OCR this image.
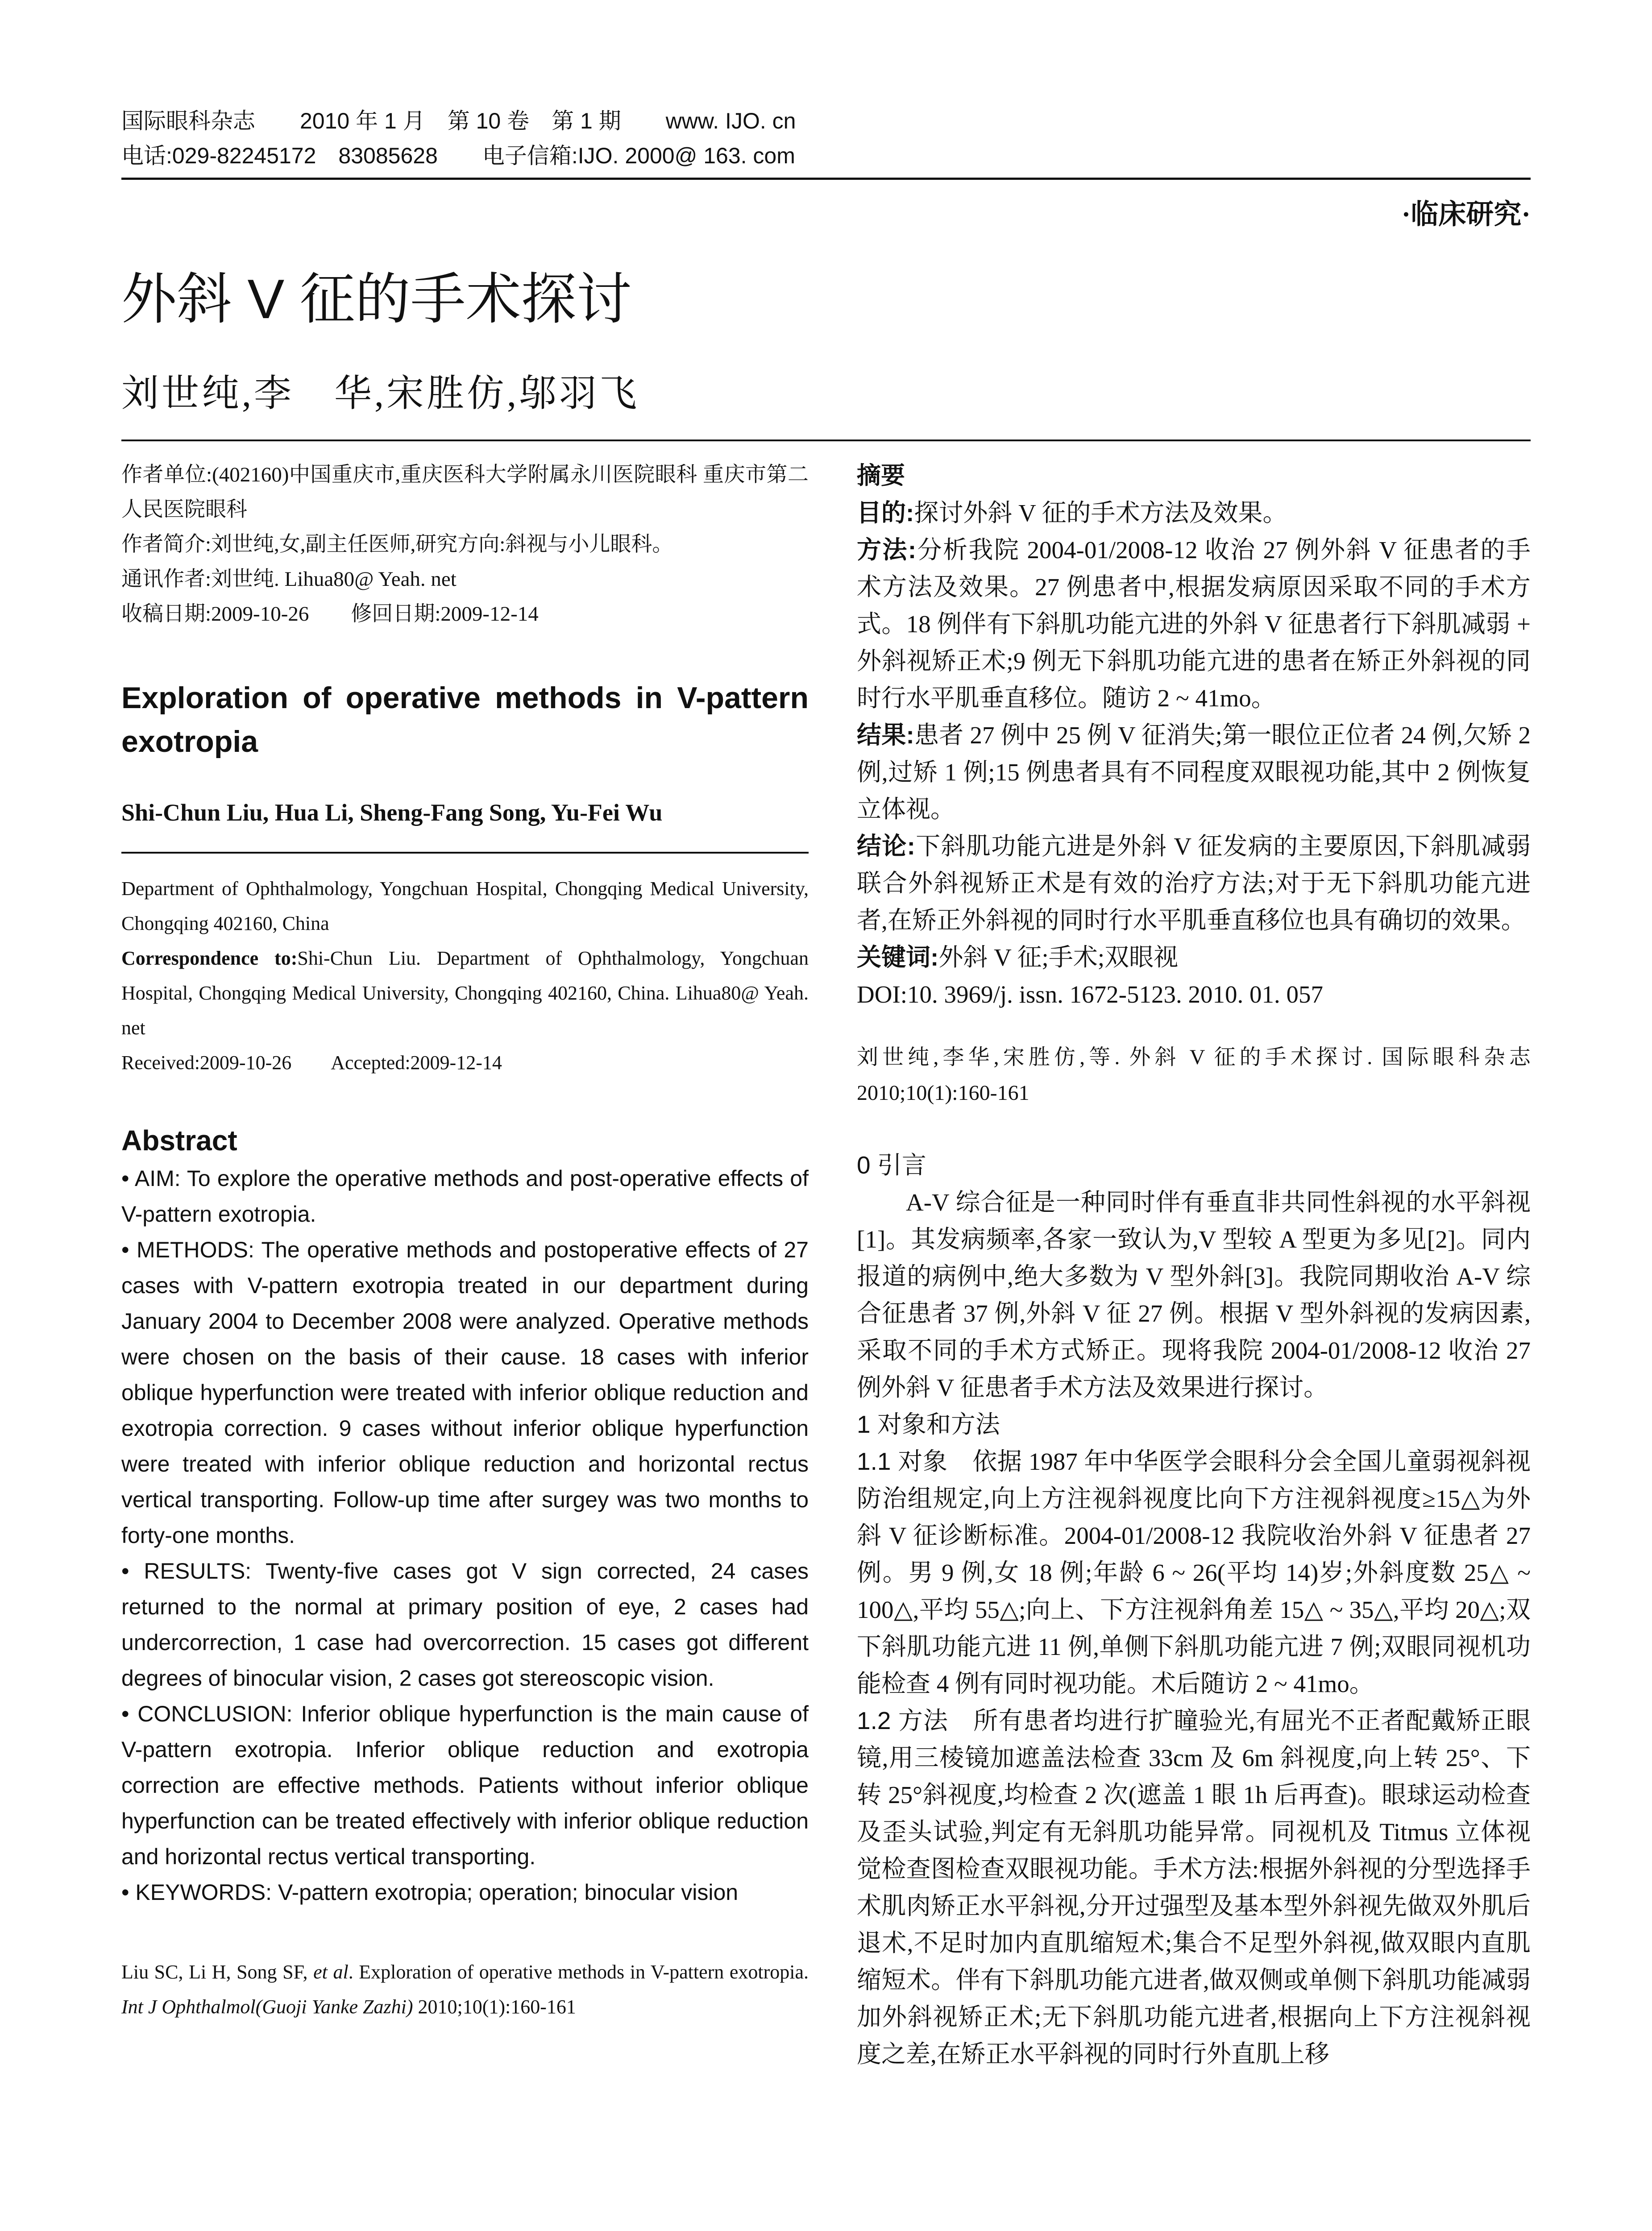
国际眼科杂志　　2010 年 1 月　第 10 卷　第 1 期　　www. IJO. cn
电话:029-82245172　83085628　　电子信箱:IJO. 2000@ 163. com
·临床研究·
外斜 V 征的手术探讨
刘世纯,李　华,宋胜仿,邬羽飞

作者单位:(402160)中国重庆市,重庆医科大学附属永川医院眼科 重庆市第二人民医院眼科

作者简介:刘世纯,女,副主任医师,研究方向:斜视与小儿眼科。

通讯作者:刘世纯. Lihua80@ Yeah. net

收稿日期:2009-10-26　　修回日期:2009-12-14

Exploration of operative methods in V-pattern exotropia
Shi-Chun Liu, Hua Li, Sheng-Fang Song, Yu-Fei Wu

Department of Ophthalmology, Yongchuan Hospital, Chongqing Medical University, Chongqing 402160, China

Correspondence to:Shi-Chun Liu. Department of Ophthalmology, Yongchuan Hospital, Chongqing Medical University, Chongqing 402160, China. Lihua80@ Yeah. net

Received:2009-10-26　　Accepted:2009-12-14

Abstract

• AIM: To explore the operative methods and post-operative effects of V-pattern exotropia.

• METHODS: The operative methods and postoperative effects of 27 cases with V-pattern exotropia treated in our department during January 2004 to December 2008 were analyzed. Operative methods were chosen on the basis of their cause. 18 cases with inferior oblique hyperfunction were treated with inferior oblique reduction and exotropia correction. 9 cases without inferior oblique hyperfunction were treated with inferior oblique reduction and horizontal rectus vertical transporting. Follow-up time after surgey was two months to forty-one months.

• RESULTS: Twenty-five cases got V sign corrected, 24 cases returned to the normal at primary position of eye, 2 cases had undercorrection, 1 case had overcorrection. 15 cases got different degrees of binocular vision, 2 cases got stereoscopic vision.

• CONCLUSION: Inferior oblique hyperfunction is the main cause of V-pattern exotropia. Inferior oblique reduction and exotropia correction are effective methods. Patients without inferior oblique hyperfunction can be treated effectively with inferior oblique reduction and horizontal rectus vertical transporting.

• KEYWORDS: V-pattern exotropia; operation; binocular vision

Liu SC, Li H, Song SF, et al. Exploration of operative methods in V-pattern exotropia. Int J Ophthalmol(Guoji Yanke Zazhi) 2010;10(1):160-161

摘要

目的:探讨外斜 V 征的手术方法及效果。

方法:分析我院 2004-01/2008-12 收治 27 例外斜 V 征患者的手术方法及效果。27 例患者中,根据发病原因采取不同的手术方式。18 例伴有下斜肌功能亢进的外斜 V 征患者行下斜肌减弱 + 外斜视矫正术;9 例无下斜肌功能亢进的患者在矫正外斜视的同时行水平肌垂直移位。随访 2 ~ 41mo。

结果:患者 27 例中 25 例 V 征消失;第一眼位正位者 24 例,欠矫 2 例,过矫 1 例;15 例患者具有不同程度双眼视功能,其中 2 例恢复立体视。

结论:下斜肌功能亢进是外斜 V 征发病的主要原因,下斜肌减弱联合外斜视矫正术是有效的治疗方法;对于无下斜肌功能亢进者,在矫正外斜视的同时行水平肌垂直移位也具有确切的效果。

关键词:外斜 V 征;手术;双眼视

DOI:10. 3969/j. issn. 1672-5123. 2010. 01. 057

刘世纯,李华,宋胜仿,等. 外斜 V 征的手术探讨. 国际眼科杂志 2010;10(1):160-161

0 引言

A-V 综合征是一种同时伴有垂直非共同性斜视的水平斜视[1]。其发病频率,各家一致认为,V 型较 A 型更为多见[2]。同内报道的病例中,绝大多数为 V 型外斜[3]。我院同期收治 A-V 综合征患者 37 例,外斜 V 征 27 例。根据 V 型外斜视的发病因素,采取不同的手术方式矫正。现将我院 2004-01/2008-12 收治 27 例外斜 V 征患者手术方法及效果进行探讨。

1 对象和方法

1.1 对象　 依据 1987 年中华医学会眼科分会全国儿童弱视斜视防治组规定,向上方注视斜视度比向下方注视斜视度≥15△为外斜 V 征诊断标准。2004-01/2008-12 我院收治外斜 V 征患者 27 例。男 9 例,女 18 例;年龄 6 ~ 26(平均 14)岁;外斜度数 25△ ~ 100△,平均 55△;向上、下方注视斜角差 15△ ~ 35△,平均 20△;双下斜肌功能亢进 11 例,单侧下斜肌功能亢进 7 例;双眼同视机功能检查 4 例有同时视功能。术后随访 2 ~ 41mo。

1.2 方法　 所有患者均进行扩瞳验光,有屈光不正者配戴矫正眼镜,用三棱镜加遮盖法检查 33cm 及 6m 斜视度,向上转 25°、下转 25°斜视度,均检查 2 次(遮盖 1 眼 1h 后再查)。眼球运动检查及歪头试验,判定有无斜肌功能异常。同视机及 Titmus 立体视觉检查图检查双眼视功能。手术方法:根据外斜视的分型选择手术肌肉矫正水平斜视,分开过强型及基本型外斜视先做双外肌后退术,不足时加内直肌缩短术;集合不足型外斜视,做双眼内直肌缩短术。伴有下斜肌功能亢进者,做双侧或单侧下斜肌功能减弱加外斜视矫正术;无下斜肌功能亢进者,根据向上下方注视斜视度之差,在矫正水平斜视的同时行外直肌上移
